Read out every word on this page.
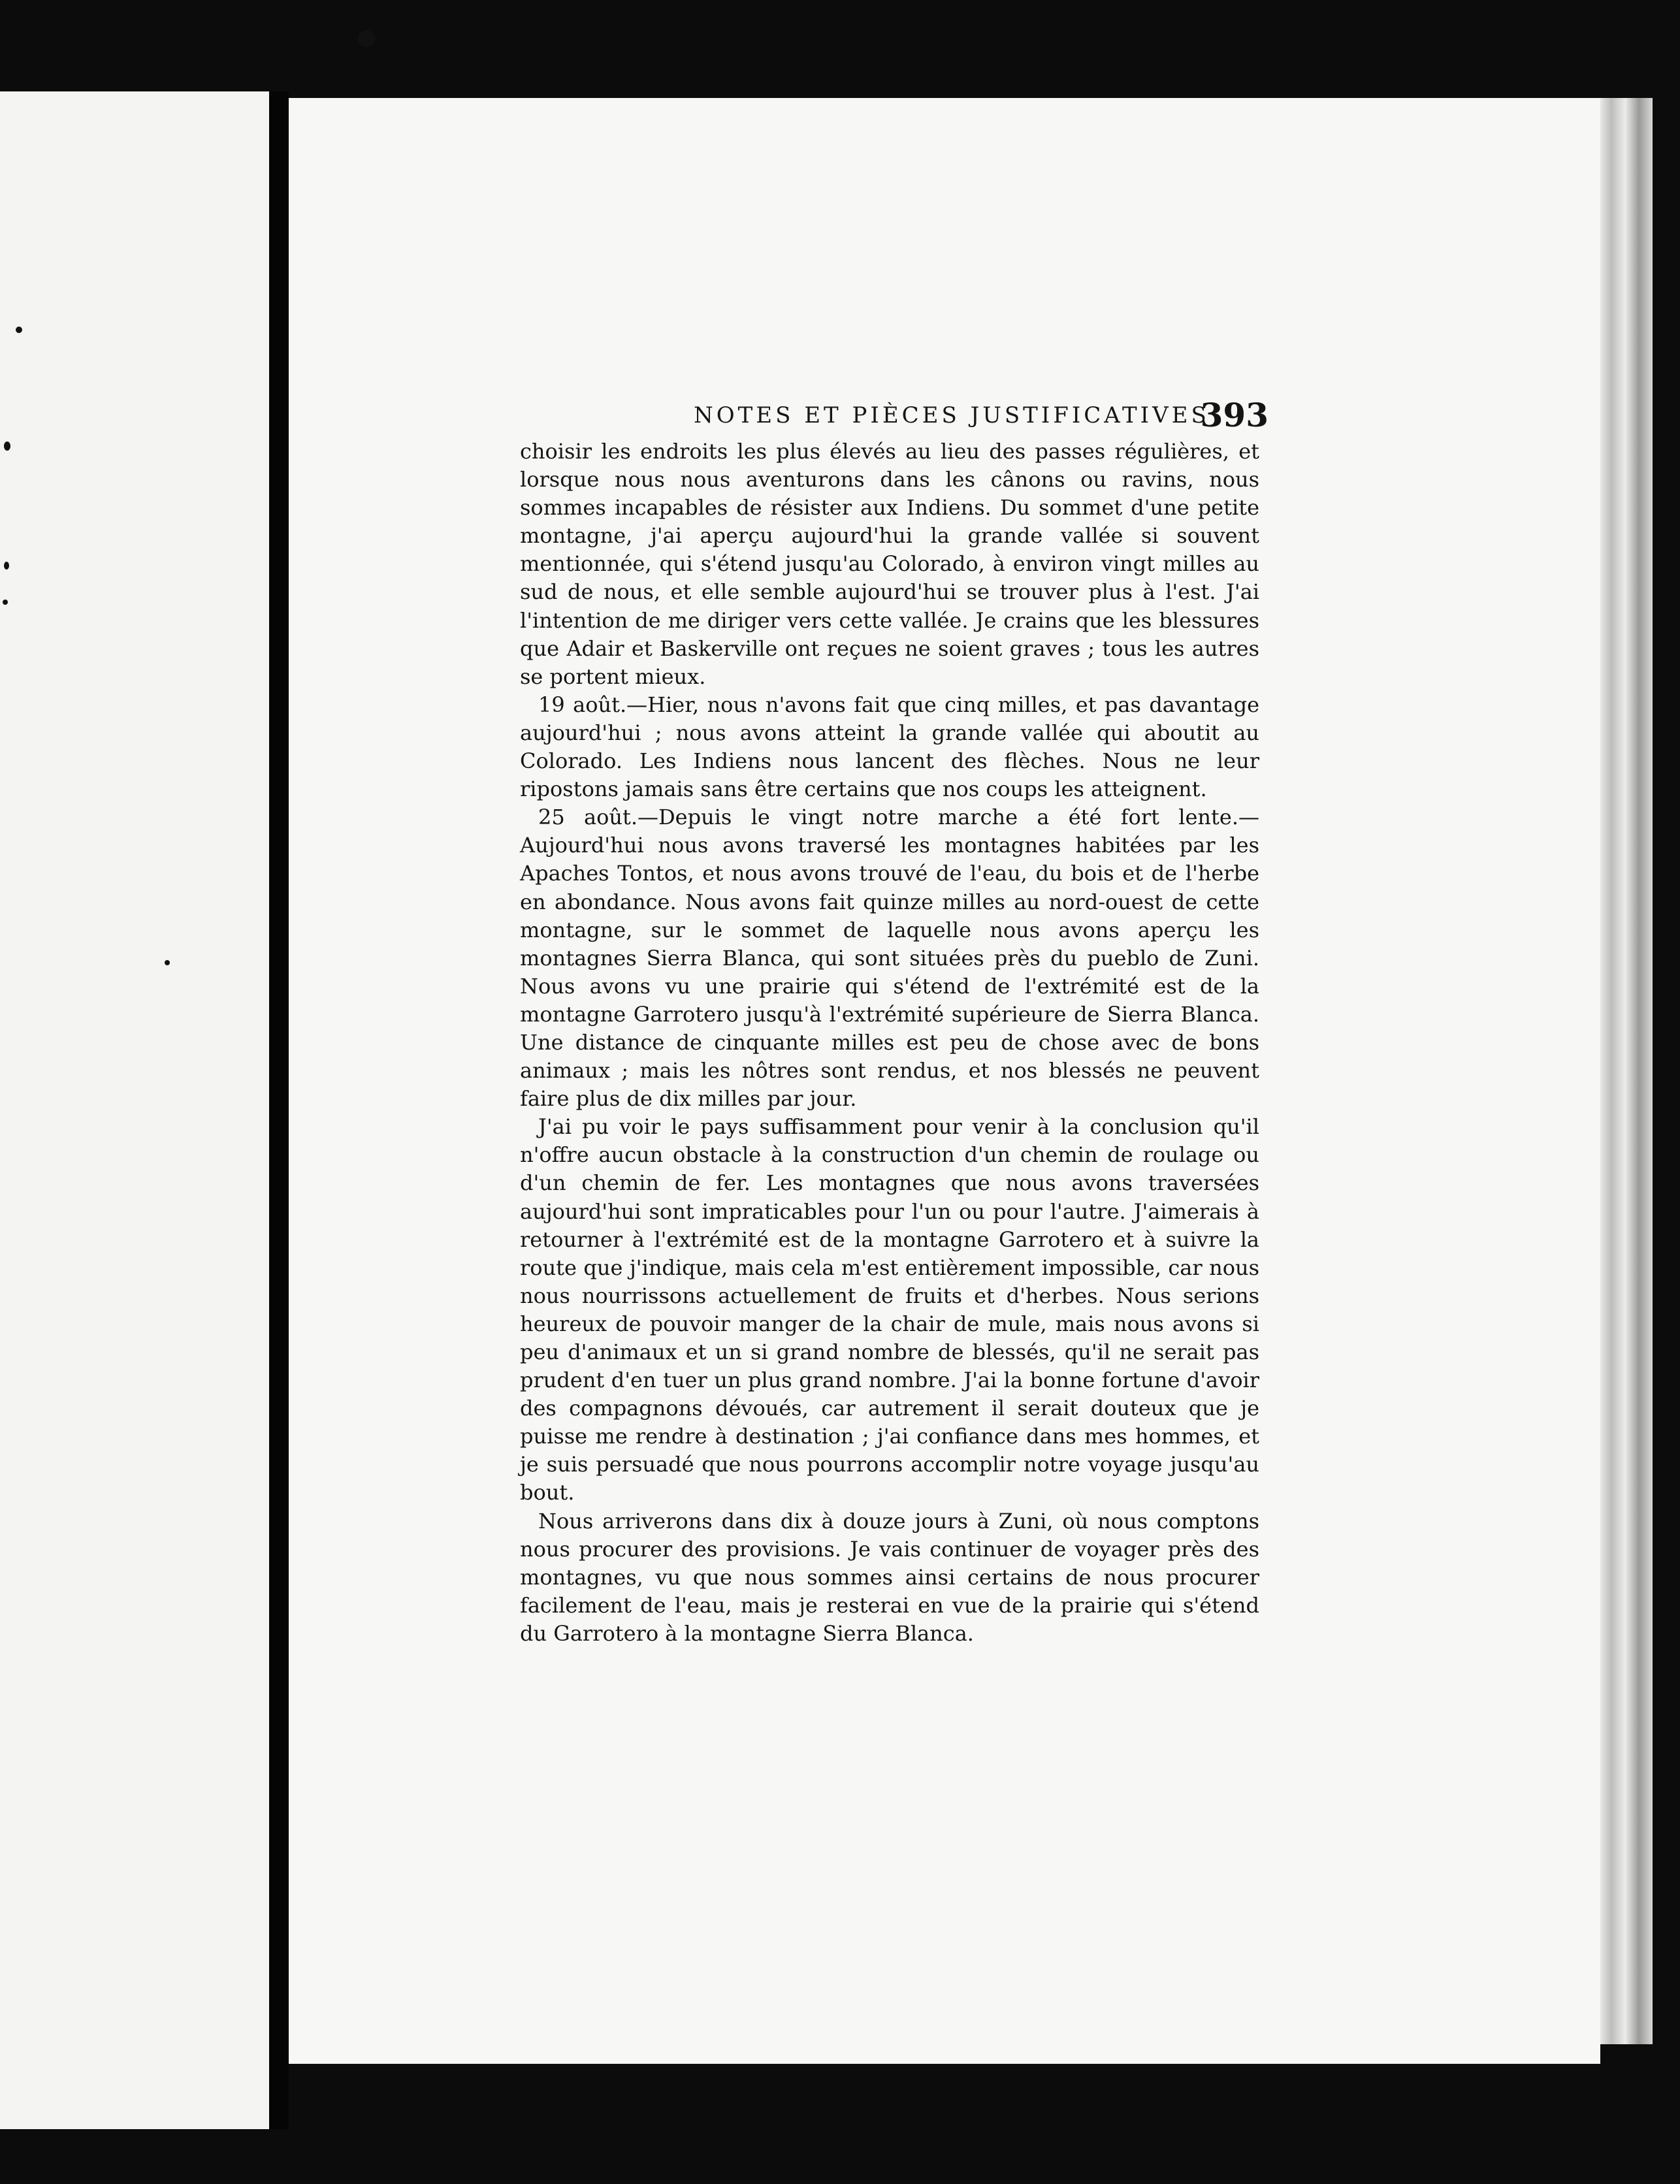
NOTES ET PIÈCES JUSTIFICATIVES
393

choisir les endroits les plus élevés au lieu des passes régulières, et lorsque nous nous aventurons dans les cânons ou ravins, nous sommes incapables de résister aux Indiens. Du sommet d'une petite montagne, j'ai aperçu aujourd'hui la grande vallée si souvent mentionnée, qui s'étend jusqu'au Colorado, à environ vingt milles au sud de nous, et elle semble aujourd'hui se trouver plus à l'est. J'ai l'intention de me diriger vers cette vallée. Je crains que les blessures que Adair et Baskerville ont reçues ne soient graves ; tous les autres se portent mieux.

19 août.—Hier, nous n'avons fait que cinq milles, et pas davantage aujourd'hui ; nous avons atteint la grande vallée qui aboutit au Colorado. Les Indiens nous lancent des flèches. Nous ne leur ripostons jamais sans être certains que nos coups les atteignent.

25 août.—Depuis le vingt notre marche a été fort lente.— Aujourd'hui nous avons traversé les montagnes habitées par les Apaches Tontos, et nous avons trouvé de l'eau, du bois et de l'herbe en abondance. Nous avons fait quinze milles au nord-ouest de cette montagne, sur le sommet de laquelle nous avons aperçu les montagnes Sierra Blanca, qui sont situées près du pueblo de Zuni. Nous avons vu une prairie qui s'étend de l'extrémité est de la montagne Garrotero jusqu'à l'extrémité supérieure de Sierra Blanca. Une distance de cinquante milles est peu de chose avec de bons animaux ; mais les nôtres sont rendus, et nos blessés ne peuvent faire plus de dix milles par jour.

J'ai pu voir le pays suffisamment pour venir à la conclusion qu'il n'offre aucun obstacle à la construction d'un chemin de roulage ou d'un chemin de fer. Les montagnes que nous avons traversées aujourd'hui sont impraticables pour l'un ou pour l'autre. J'aimerais à retourner à l'extrémité est de la montagne Garrotero et à suivre la route que j'indique, mais cela m'est entièrement impossible, car nous nous nourrissons actuellement de fruits et d'herbes. Nous serions heureux de pouvoir manger de la chair de mule, mais nous avons si peu d'animaux et un si grand nombre de blessés, qu'il ne serait pas prudent d'en tuer un plus grand nombre. J'ai la bonne fortune d'avoir des compagnons dévoués, car autrement il serait douteux que je puisse me rendre à destination ; j'ai confiance dans mes hommes, et je suis persuadé que nous pourrons accomplir notre voyage jusqu'au bout.

Nous arriverons dans dix à douze jours à Zuni, où nous comptons nous procurer des provisions. Je vais continuer de voyager près des montagnes, vu que nous sommes ainsi certains de nous procurer facilement de l'eau, mais je resterai en vue de la prairie qui s'étend du Garrotero à la montagne Sierra Blanca.
